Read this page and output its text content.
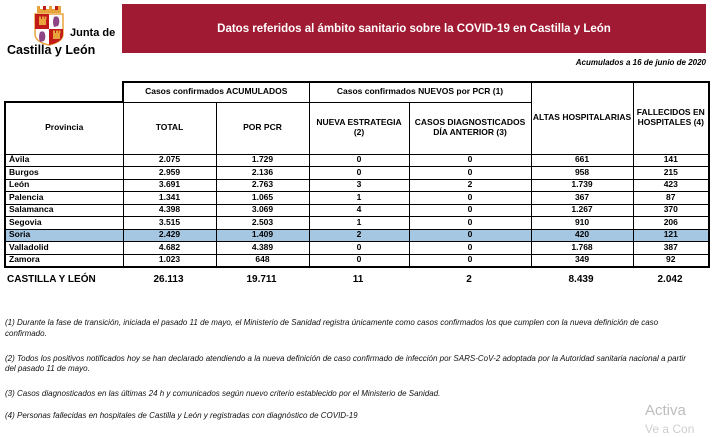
Junta de
Castilla y León
Datos referidos al ámbito sanitario sobre la COVID-19 en Castilla y León
Acumulados a 16 de junio de 2020
	Casos confirmados ACUMULADOS		Casos confirmados NUEVOS por PCR (1)		ALTAS HOSPITALARIAS	FALLECIDOS EN HOSPITALES (4)
Provincia	TOTAL	POR PCR	NUEVA ESTRATEGIA (2)	CASOS DIAGNOSTICADOS DÍA ANTERIOR (3)		
Ávila	2.075	1.729	0	0	661	141
Burgos	2.959	2.136	0	0	958	215
León	3.691	2.763	3	2	1.739	423
Palencia	1.341	1.065	1	0	367	87
Salamanca	4.398	3.069	4	0	1.267	370
Segovia	3.515	2.503	1	0	910	206
Soria	2.429	1.409	2	0	420	121
Valladolid	4.682	4.389	0	0	1.768	387
Zamora	1.023	648	0	0	349	92
CASTILLA Y LEÓN	26.113	19.711	11	2	8.439	2.042

(1) Durante la fase de transición, iniciada el pasado 11 de mayo, el Ministerio de Sanidad registra únicamente como casos confirmados los que cumplen con la nueva definición de caso confirmado.

(2) Todos los positivos notificados hoy se han declarado atendiendo a la nueva definición de caso confirmado de infección por SARS-CoV-2 adoptada por la Autoridad sanitaria nacional a partir del pasado 11 de mayo.

(3) Casos diagnosticados en las últimas 24 h y comunicados según nuevo criterio establecido por el Ministerio de Sanidad.

(4) Personas fallecidas en hospitales de Castilla y León y registradas con diagnóstico de COVID-19	Activa
Ve a Con
